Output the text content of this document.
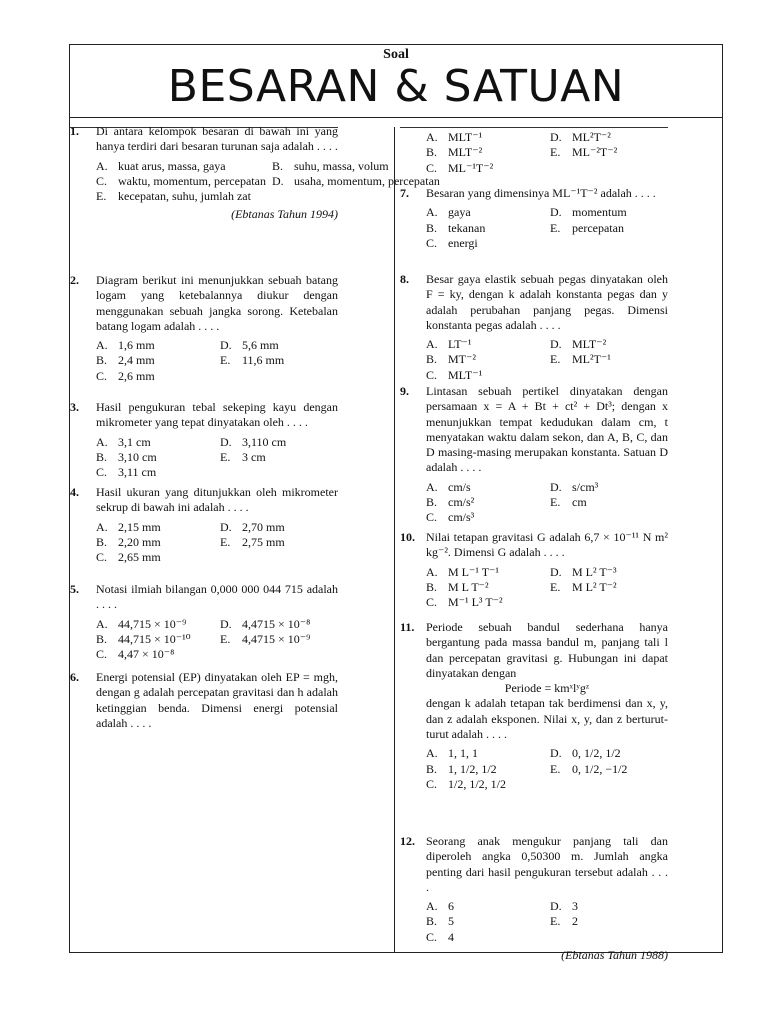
Soal
BESARAN & SATUAN
1. Di antara kelompok besaran di bawah ini yang hanya terdiri dari besaran turunan saja adalah . . . .
A. kuat arus, massa, gaya	B. suhu, massa, volum
C. waktu, momentum, percepatan D. usaha, momentum, percepatan
E. kecepatan, suhu, jumlah zat
(Ebtanas Tahun 1994)
2. Diagram berikut ini menunjukkan sebuah batang logam yang ketebalannya diukur dengan menggunakan sebuah jangka sorong. Ketebalan batang logam adalah . . . .
A. 1,6 mm	D. 5,6 mm
B. 2,4 mm	E. 11,6 mm
C. 2,6 mm
3. Hasil pengukuran tebal sekeping kayu dengan mikrometer yang tepat dinyatakan oleh . . . .
A. 3,1 cm	D. 3,110 cm
B. 3,10 cm	E. 3 cm
C. 3,11 cm
4. Hasil ukuran yang ditunjukkan oleh mikrometer sekrup di bawah ini adalah . . . .
A. 2,15 mm	D. 2,70 mm
B. 2,20 mm	E. 2,75 mm
C. 2,65 mm
5. Notasi ilmiah bilangan 0,000 000 044 715 adalah . . . .
A. 44,715 × 10⁻⁹	D. 4,4715 × 10⁻⁸
B. 44,715 × 10⁻¹⁰ E. 4,4715 × 10⁻⁹
C. 4,47 × 10⁻⁸
6. Energi potensial (EP) dinyatakan oleh EP = mgh, dengan g adalah percepatan gravitasi dan h adalah ketinggian benda. Dimensi energi potensial adalah . . . .
A. MLT⁻¹	D. ML²T⁻²
B. MLT⁻²	E. ML⁻²T⁻²
C. ML⁻¹T⁻²
7. Besaran yang dimensinya ML⁻¹T⁻² adalah . . . .
A. gaya	D. momentum
B. tekanan	E. percepatan
C. energi
8. Besar gaya elastik sebuah pegas dinyatakan oleh F = ky, dengan k adalah konstanta pegas dan y adalah perubahan panjang pegas. Dimensi konstanta pegas adalah . . . .
A. LT⁻¹	D. MLT⁻²
B. MT⁻²	E. ML²T⁻¹
C. MLT⁻¹
9. Lintasan sebuah pertikel dinyatakan dengan persamaan x = A + Bt + ct² + Dt³; dengan x menunjukkan tempat kedudukan dalam cm, t menyatakan waktu dalam sekon, dan A, B, C, dan D masing-masing merupakan konstanta. Satuan D adalah . . . .
A. cm/s	D. s/cm³
B. cm/s²	E. cm
C. cm/s³
10. Nilai tetapan gravitasi G adalah 6,7 × 10⁻¹¹ N m² kg⁻². Dimensi G adalah . . . .
A. M L⁻¹ T⁻¹	D. M L² T⁻³
B. M L T⁻²	E. M L² T⁻²
C. M⁻¹ L³ T⁻²
11. Periode sebuah bandul sederhana hanya bergantung pada massa bandul m, panjang tali l dan percepatan gravitasi g. Hubungan ini dapat dinyatakan dengan
Periode = kmˣlʸgᶻ
dengan k adalah tetapan tak berdimensi dan x, y, dan z adalah eksponen. Nilai x, y, dan z berturut-turut adalah . . . .
A. 1, 1, 1	D. 0, 1/2, 1/2
B. 1, 1/2, 1/2	E. 0, 1/2, −1/2
C. 1/2, 1/2, 1/2
12. Seorang anak mengukur panjang tali dan diperoleh angka 0,50300 m. Jumlah angka penting dari hasil pengukuran tersebut adalah . . . .
A. 6	D. 3
B. 5	E. 2
C. 4
(Ebtanas Tahun 1988)
